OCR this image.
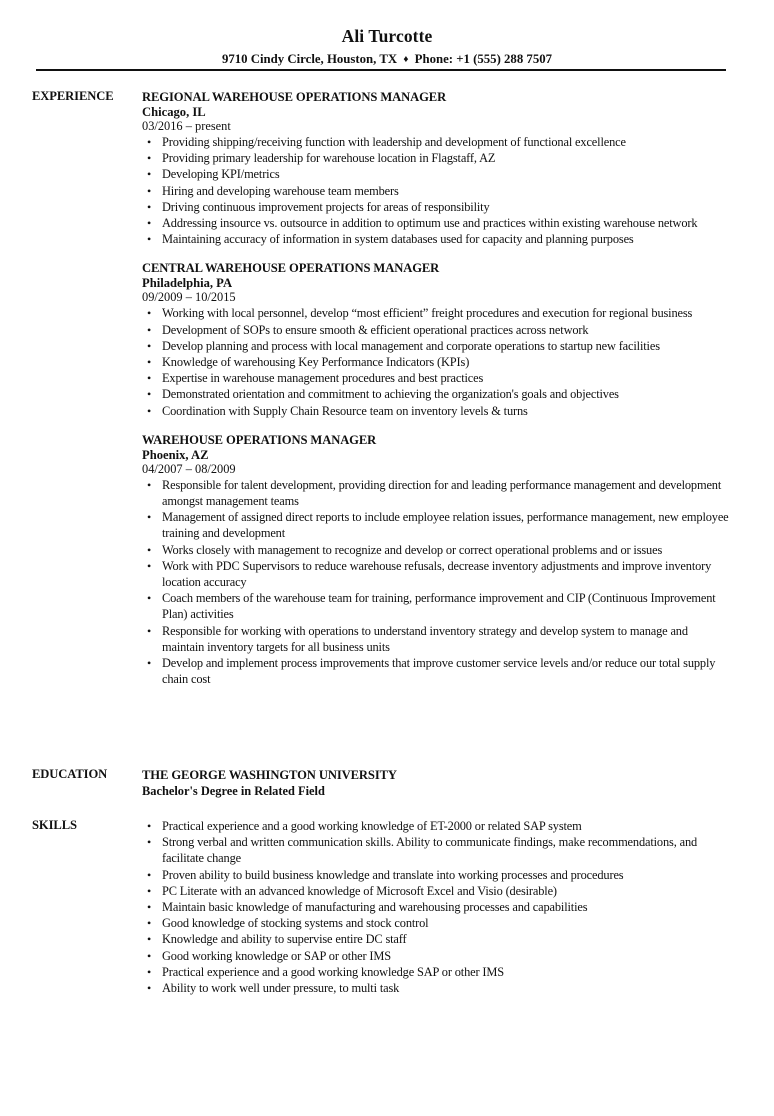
Ali Turcotte
9710 Cindy Circle, Houston, TX ♦ Phone: +1 (555) 288 7507
EXPERIENCE REGIONAL WAREHOUSE OPERATIONS MANAGER
Chicago, IL
03/2016 – present
• Providing shipping/receiving function with leadership and development of functional excellence
• Providing primary leadership for warehouse location in Flagstaff, AZ
• Developing KPI/metrics
• Hiring and developing warehouse team members
• Driving continuous improvement projects for areas of responsibility
• Addressing insource vs. outsource in addition to optimum use and practices within existing warehouse network
• Maintaining accuracy of information in system databases used for capacity and planning purposes
CENTRAL WAREHOUSE OPERATIONS MANAGER
Philadelphia, PA
09/2009 – 10/2015
• Working with local personnel, develop “most efficient” freight procedures and execution for regional business
• Development of SOPs to ensure smooth & efficient operational practices across network
• Develop planning and process with local management and corporate operations to startup new facilities
• Knowledge of warehousing Key Performance Indicators (KPIs)
• Expertise in warehouse management procedures and best practices
• Demonstrated orientation and commitment to achieving the organization's goals and objectives
• Coordination with Supply Chain Resource team on inventory levels & turns
WAREHOUSE OPERATIONS MANAGER
Phoenix, AZ
04/2007 – 08/2009
• Responsible for talent development, providing direction for and leading performance management and development amongst management teams
• Management of assigned direct reports to include employee relation issues, performance management, new employee training and development
• Works closely with management to recognize and develop or correct operational problems and or issues
• Work with PDC Supervisors to reduce warehouse refusals, decrease inventory adjustments and improve inventory location accuracy
• Coach members of the warehouse team for training, performance improvement and CIP (Continuous Improvement Plan) activities
• Responsible for working with operations to understand inventory strategy and develop system to manage and maintain inventory targets for all business units
• Develop and implement process improvements that improve customer service levels and/or reduce our total supply chain cost
EDUCATION	THE GEORGE WASHINGTON UNIVERSITY
Bachelor's Degree in Related Field
SKILLS	• Practical experience and a good working knowledge of ET-2000 or related SAP system
• Strong verbal and written communication skills. Ability to communicate findings, make recommendations, and facilitate change
• Proven ability to build business knowledge and translate into working processes and procedures
• PC Literate with an advanced knowledge of Microsoft Excel and Visio (desirable)
• Maintain basic knowledge of manufacturing and warehousing processes and capabilities
• Good knowledge of stocking systems and stock control
• Knowledge and ability to supervise entire DC staff
• Good working knowledge or SAP or other IMS
• Practical experience and a good working knowledge SAP or other IMS
• Ability to work well under pressure, to multi task
